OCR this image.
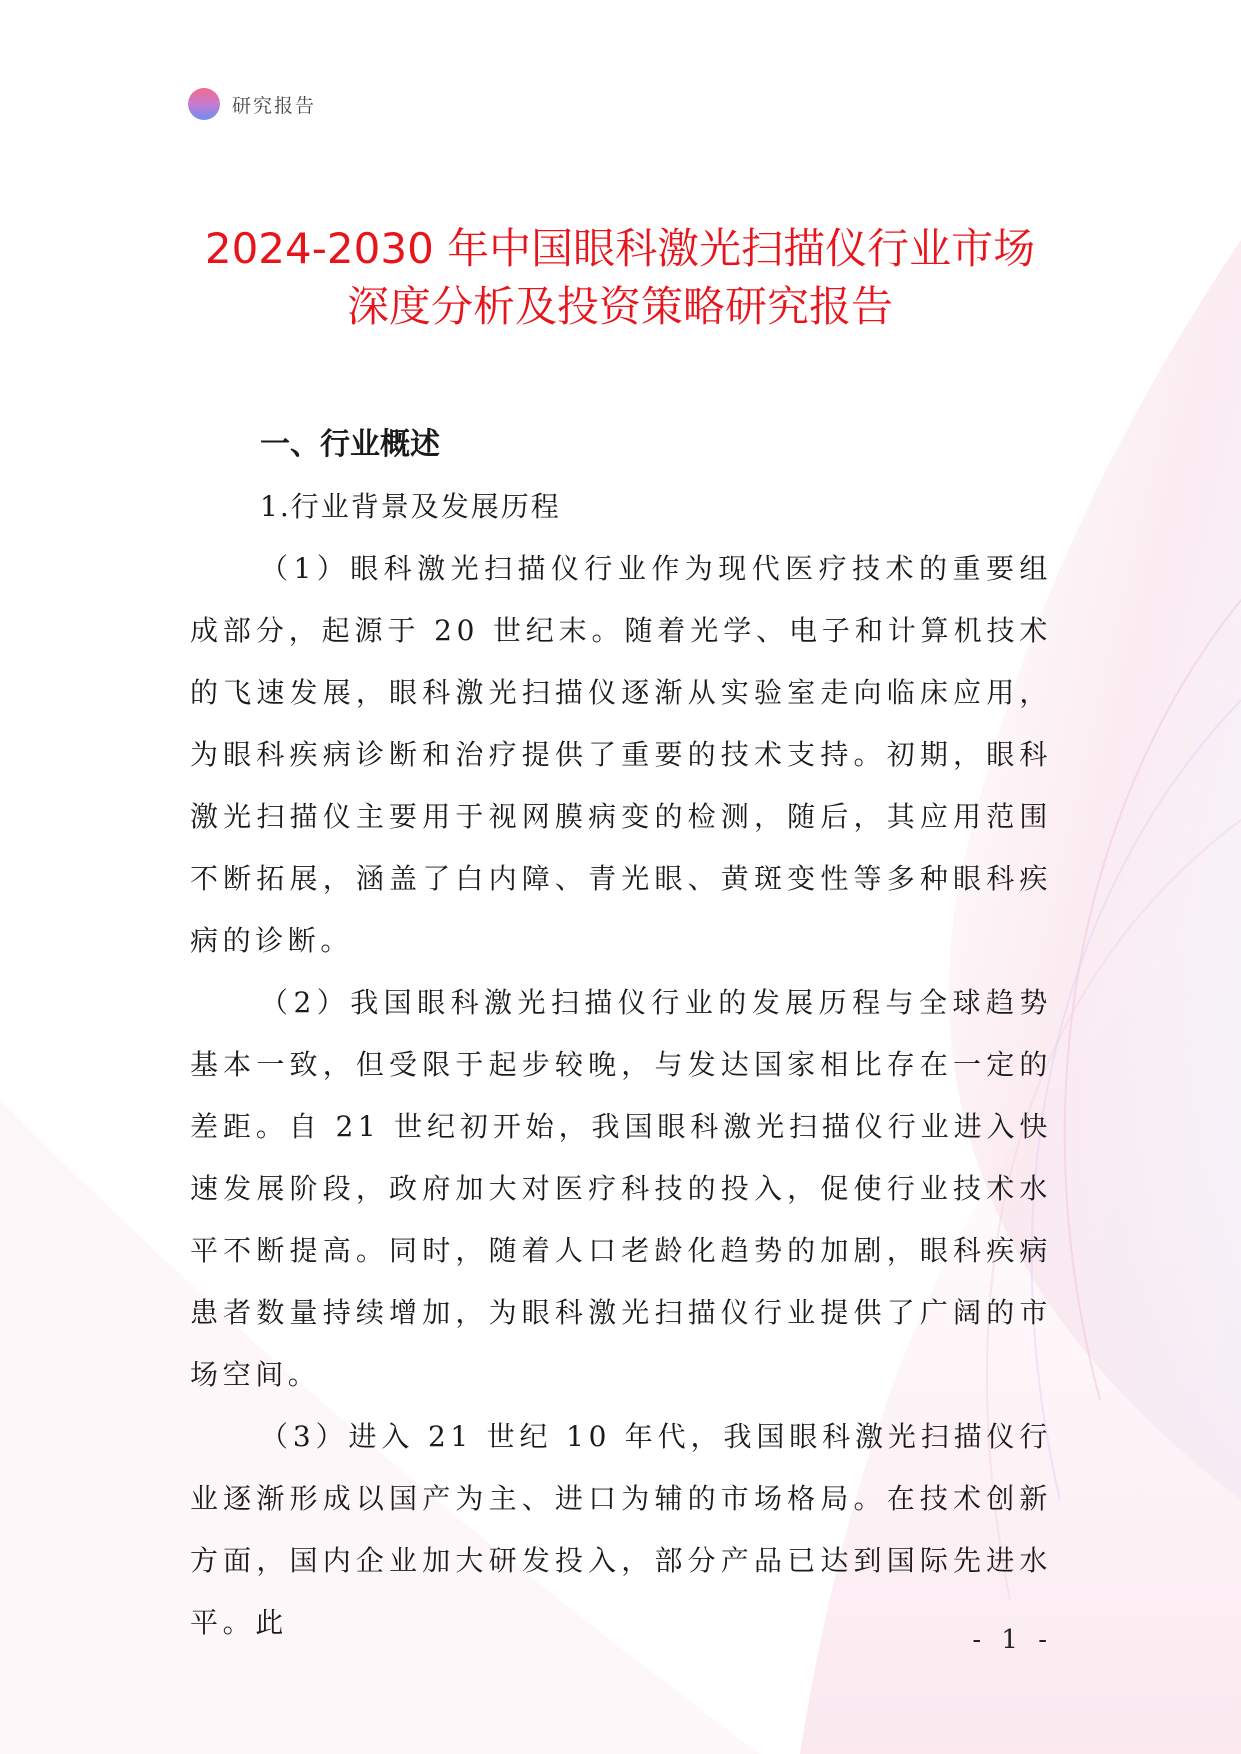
研究报告
2024-2030 年中国眼科激光扫描仪行业市场
深度分析及投资策略研究报告
一、行业概述
1.行业背景及发展历程

（1）眼科激光扫描仪行业作为现代医疗技术的重要组成部分，起源于 20 世纪末。随着光学、电子和计算机技术的飞速发展，眼科激光扫描仪逐渐从实验室走向临床应用，为眼科疾病诊断和治疗提供了重要的技术支持。初期，眼科激光扫描仪主要用于视网膜病变的检测，随后，其应用范围不断拓展，涵盖了白内障、青光眼、黄斑变性等多种眼科疾病的诊断。

（2）我国眼科激光扫描仪行业的发展历程与全球趋势基本一致，但受限于起步较晚，与发达国家相比存在一定的差距。自 21 世纪初开始，我国眼科激光扫描仪行业进入快速发展阶段，政府加大对医疗科技的投入，促使行业技术水平不断提高。同时，随着人口老龄化趋势的加剧，眼科疾病患者数量持续增加，为眼科激光扫描仪行业提供了广阔的市场空间。

（3）进入 21 世纪 10 年代，我国眼科激光扫描仪行业逐渐形成以国产为主、进口为辅的市场格局。在技术创新方面，国内企业加大研发投入，部分产品已达到国际先进水平。此

- 1 -
